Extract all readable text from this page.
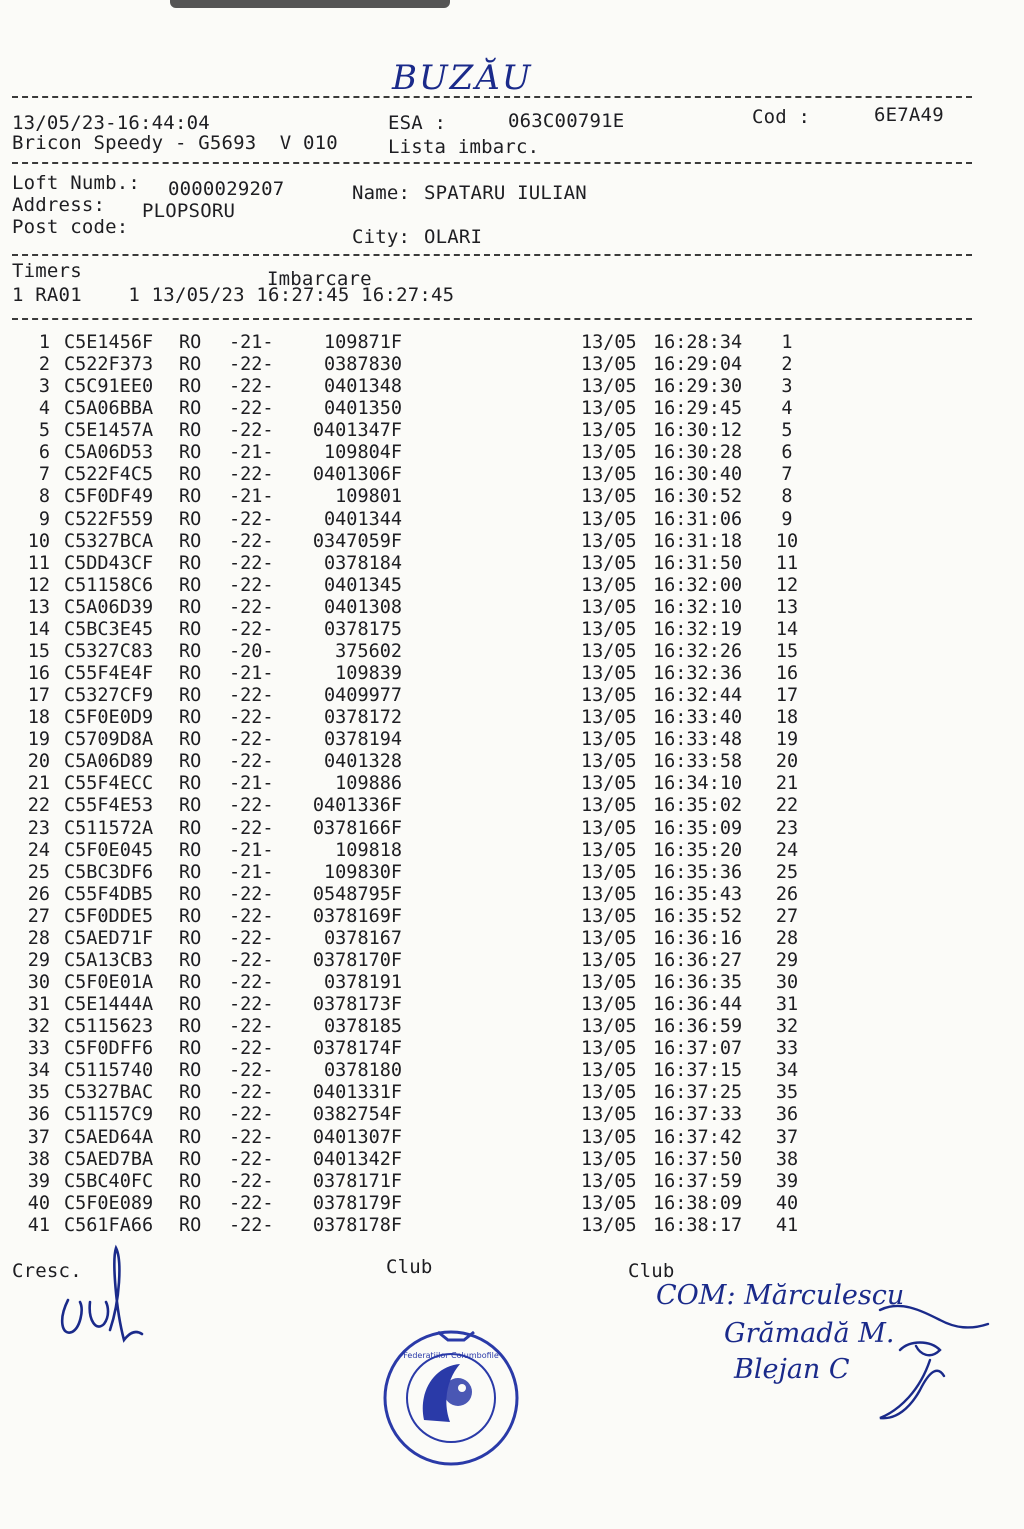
BUZĂU
13/05/23-16:44:04	ESA :	063C00791E	Cod :	6E7A49
Bricon Speedy - G5693  V 010	Lista imbarc.
Loft Numb.: 0000029207	Name: SPATARU IULIAN
Address: PLOPSORU
Post code:	City: OLARI
Timers	Imbarcare
1 RA01    1 13/05/23 16:27:45 16:27:45
1 C5E1456F RO -21-	109871F	13/05 16:28:34	1
2 C522F373 RO -22-	0387830	13/05 16:29:04	2
3 C5C91EE0 RO -22-	0401348	13/05 16:29:30	3
4 C5A06BBA RO -22-	0401350	13/05 16:29:45	4
5 C5E1457A RO -22-	0401347F	13/05 16:30:12	5
6 C5A06D53 RO -21-	109804F	13/05 16:30:28	6
7 C522F4C5 RO -22-	0401306F	13/05 16:30:40	7
8 C5F0DF49 RO -21-	109801	13/05 16:30:52	8
9 C522F559 RO -22-	0401344	13/05 16:31:06	9
10 C5327BCA RO -22-	0347059F	13/05 16:31:18 10
11 C5DD43CF RO -22-	0378184	13/05 16:31:50 11
12 C51158C6 RO -22-	0401345	13/05 16:32:00 12
13 C5A06D39 RO -22-	0401308	13/05 16:32:10 13
14 C5BC3E45 RO -22-	0378175	13/05 16:32:19 14
15 C5327C83 RO -20-	375602	13/05 16:32:26 15
16 C55F4E4F RO -21-	109839	13/05 16:32:36 16
17 C5327CF9 RO -22-	0409977	13/05 16:32:44 17
18 C5F0E0D9 RO -22-	0378172	13/05 16:33:40 18
19 C5709D8A RO -22-	0378194	13/05 16:33:48 19
20 C5A06D89 RO -22-	0401328	13/05 16:33:58 20
21 C55F4ECC RO -21-	109886	13/05 16:34:10 21
22 C55F4E53 RO -22-	0401336F	13/05 16:35:02 22
23 C511572A RO -22-	0378166F	13/05 16:35:09 23
24 C5F0E045 RO -21-	109818	13/05 16:35:20 24
25 C5BC3DF6 RO -21-	109830F	13/05 16:35:36 25
26 C55F4DB5 RO -22-	0548795F	13/05 16:35:43 26
27 C5F0DDE5 RO -22-	0378169F	13/05 16:35:52 27
28 C5AED71F RO -22-	0378167	13/05 16:36:16 28
29 C5A13CB3 RO -22-	0378170F	13/05 16:36:27 29
30 C5F0E01A RO -22-	0378191	13/05 16:36:35 30
31 C5E1444A RO -22-	0378173F	13/05 16:36:44 31
32 C5115623 RO -22-	0378185	13/05 16:36:59 32
33 C5F0DFF6 RO -22-	0378174F	13/05 16:37:07 33
34 C5115740 RO -22-	0378180	13/05 16:37:15 34
35 C5327BAC RO -22-	0401331F	13/05 16:37:25 35
36 C51157C9 RO -22-	0382754F	13/05 16:37:33 36
37 C5AED64A RO -22-	0401307F	13/05 16:37:42 37
38 C5AED7BA RO -22-	0401342F	13/05 16:37:50 38
39 C5BC40FC RO -22-	0378171F	13/05 16:37:59 39
40 C5F0E089 RO -22-	0378179F	13/05 16:38:09 40
41 C561FA66 RO -22-	0378178F	13/05 16:38:17 41
Cresc.	Club	Club
COM: Mărculescu
Grămadă M.
Blejan C
Federatiilor Columbofile
